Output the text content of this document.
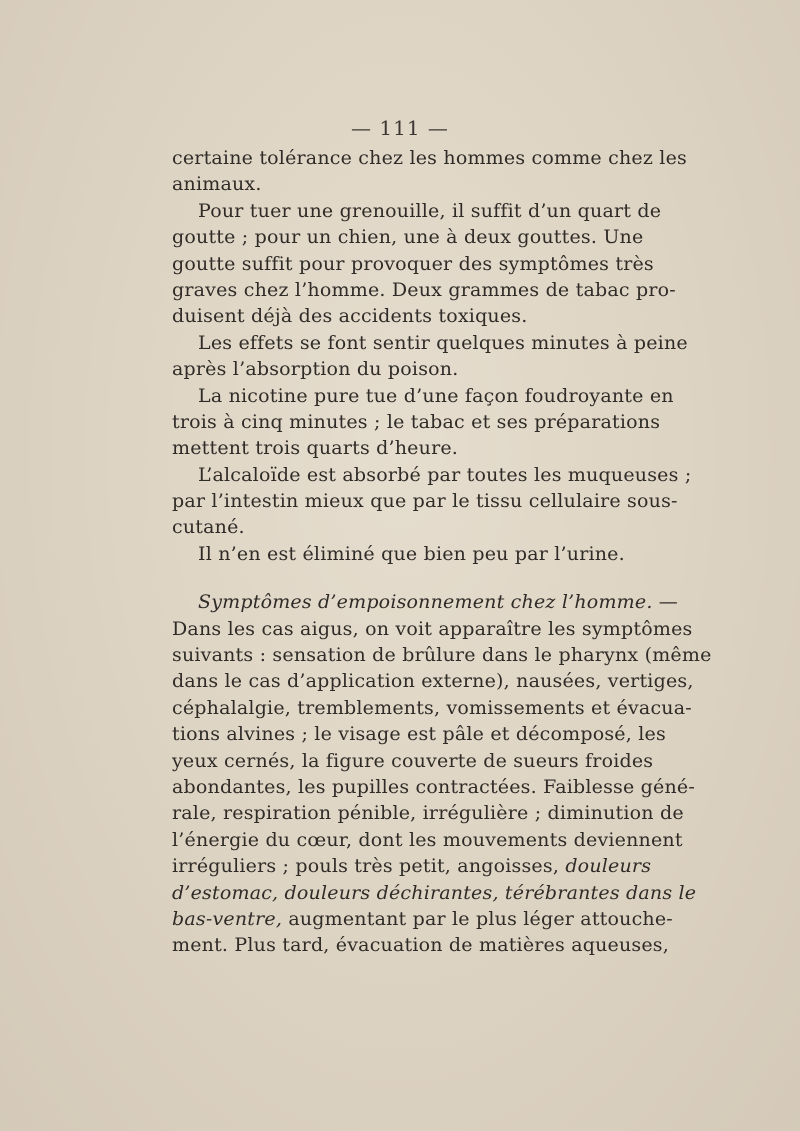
— 111 —
certaine tolérance chez les hommes comme chez les
animaux.
Pour tuer une grenouille, il suffit d’un quart de
goutte ; pour un chien, une à deux gouttes. Une
goutte suffit pour provoquer des symptômes très
graves chez l’homme. Deux grammes de tabac pro-
duisent déjà des accidents toxiques.
Les effets se font sentir quelques minutes à peine
après l’absorption du poison.
La nicotine pure tue d’une façon foudroyante en
trois à cinq minutes ; le tabac et ses préparations
mettent trois quarts d’heure.
L’alcaloïde est absorbé par toutes les muqueuses ;
par l’intestin mieux que par le tissu cellulaire sous-
cutané.
Il n’en est éliminé que bien peu par l’urine.
Symptômes d’empoisonnement chez l’homme. —
Dans les cas aigus, on voit apparaître les symptômes
suivants : sensation de brûlure dans le pharynx (même
dans le cas d’application externe), nausées, vertiges,
céphalalgie, tremblements, vomissements et évacua-
tions alvines ; le visage est pâle et décomposé, les
yeux cernés, la figure couverte de sueurs froides
abondantes, les pupilles contractées. Faiblesse géné-
rale, respiration pénible, irrégulière ; diminution de
l’énergie du cœur, dont les mouvements deviennent
irréguliers ; pouls très petit, angoisses, douleurs
d’estomac, douleurs déchirantes, térébrantes dans le
bas-ventre, augmentant par le plus léger attouche-
ment. Plus tard, évacuation de matières aqueuses,
